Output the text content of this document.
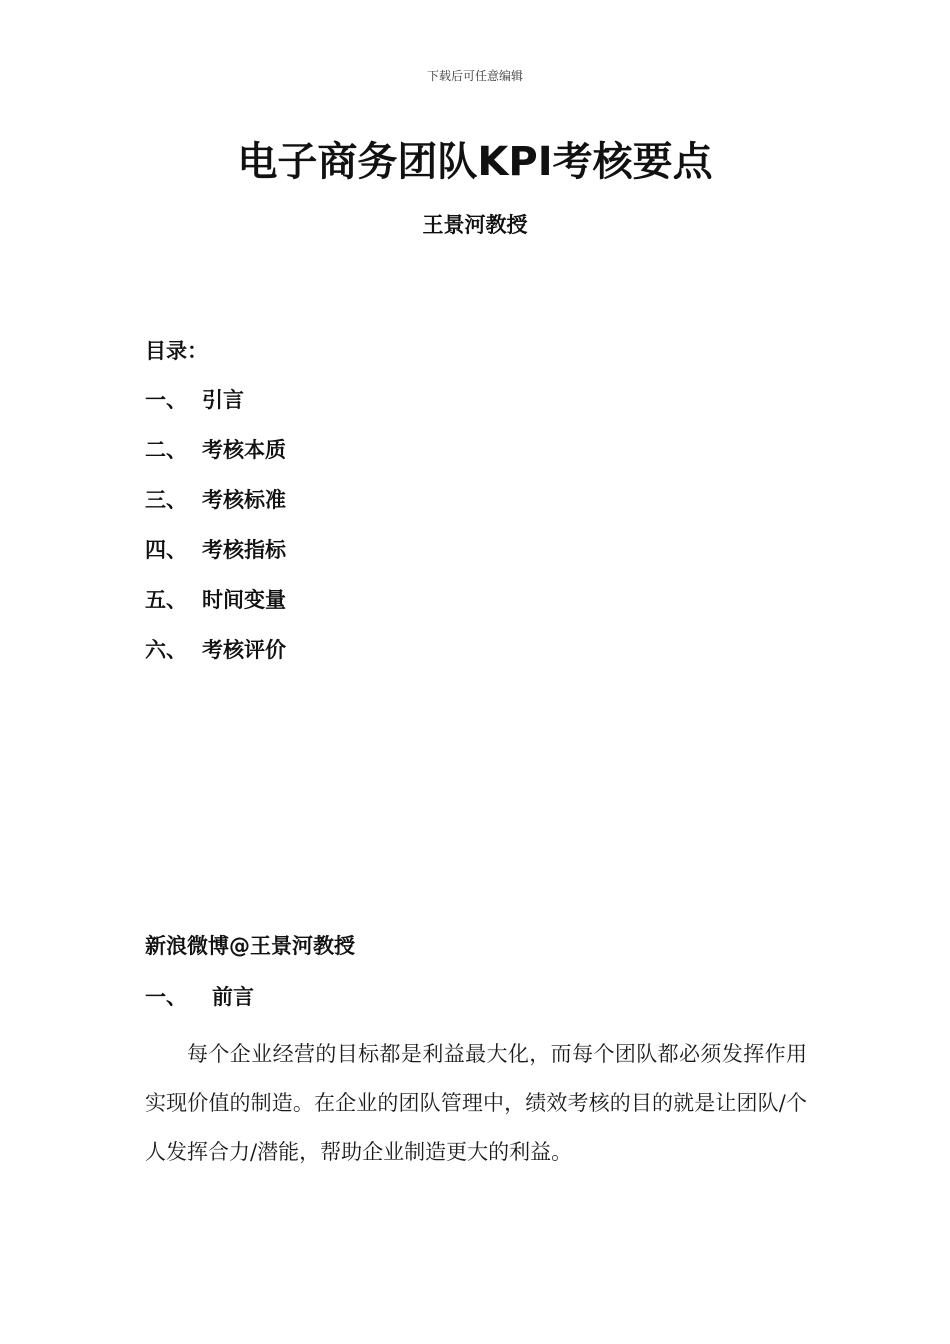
下载后可任意编辑
电子商务团队KPI考核要点
王景河教授
目录：
一、 引言
二、 考核本质
三、 考核标准
四、 考核指标
五、 时间变量
六、 考核评价
新浪微博@王景河教授
一、 前言

每个企业经营的目标都是利益最大化，而每个团队都必须发挥作用实现价值的制造。在企业的团队管理中，绩效考核的目的就是让团队/个人发挥合力/潜能，帮助企业制造更大的利益。
